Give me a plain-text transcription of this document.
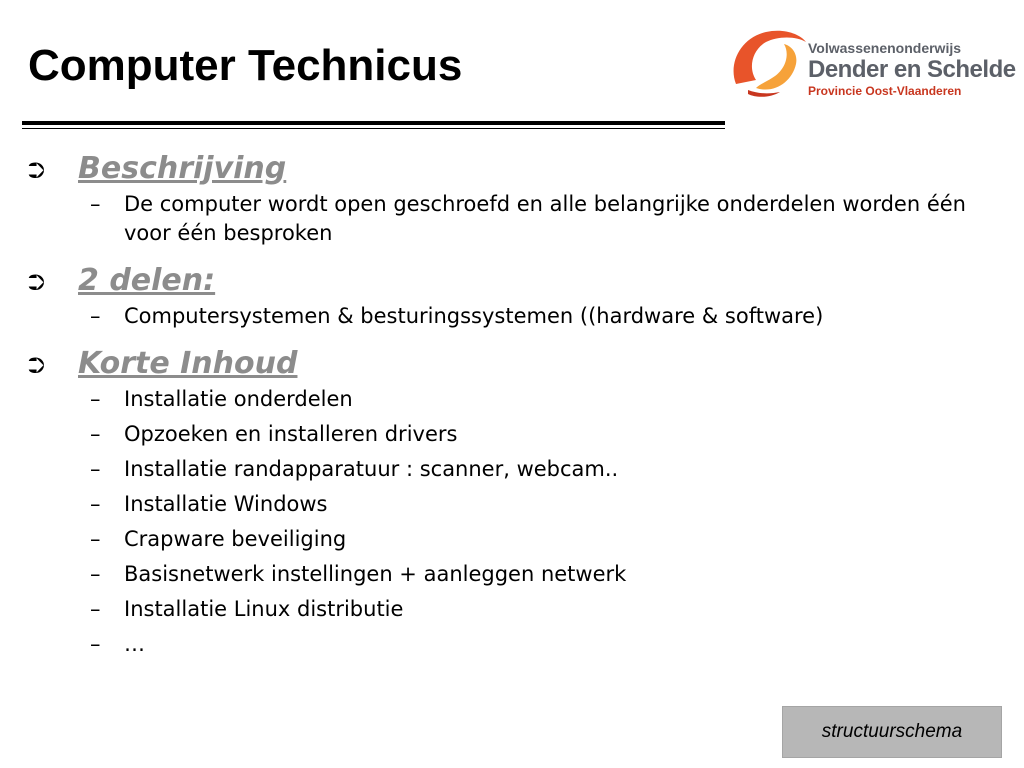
Computer Technicus	Volwassenenonderwijs
Dender en Schelde
Provincie Oost-Vlaanderen
⮊	Beschrijving
–	De computer wordt open geschroefd en alle belangrijke onderdelen worden één voor één besproken
⮊	2 delen:
–	Computersystemen & besturingssystemen ((hardware & software)
⮊	Korte Inhoud
–	Installatie onderdelen
–	Opzoeken en installeren drivers
–	Installatie randapparatuur : scanner, webcam..
–	Installatie Windows
–	Crapware beveiliging
–	Basisnetwerk instellingen + aanleggen netwerk
–	Installatie Linux distributie
–	…
structuurschema
